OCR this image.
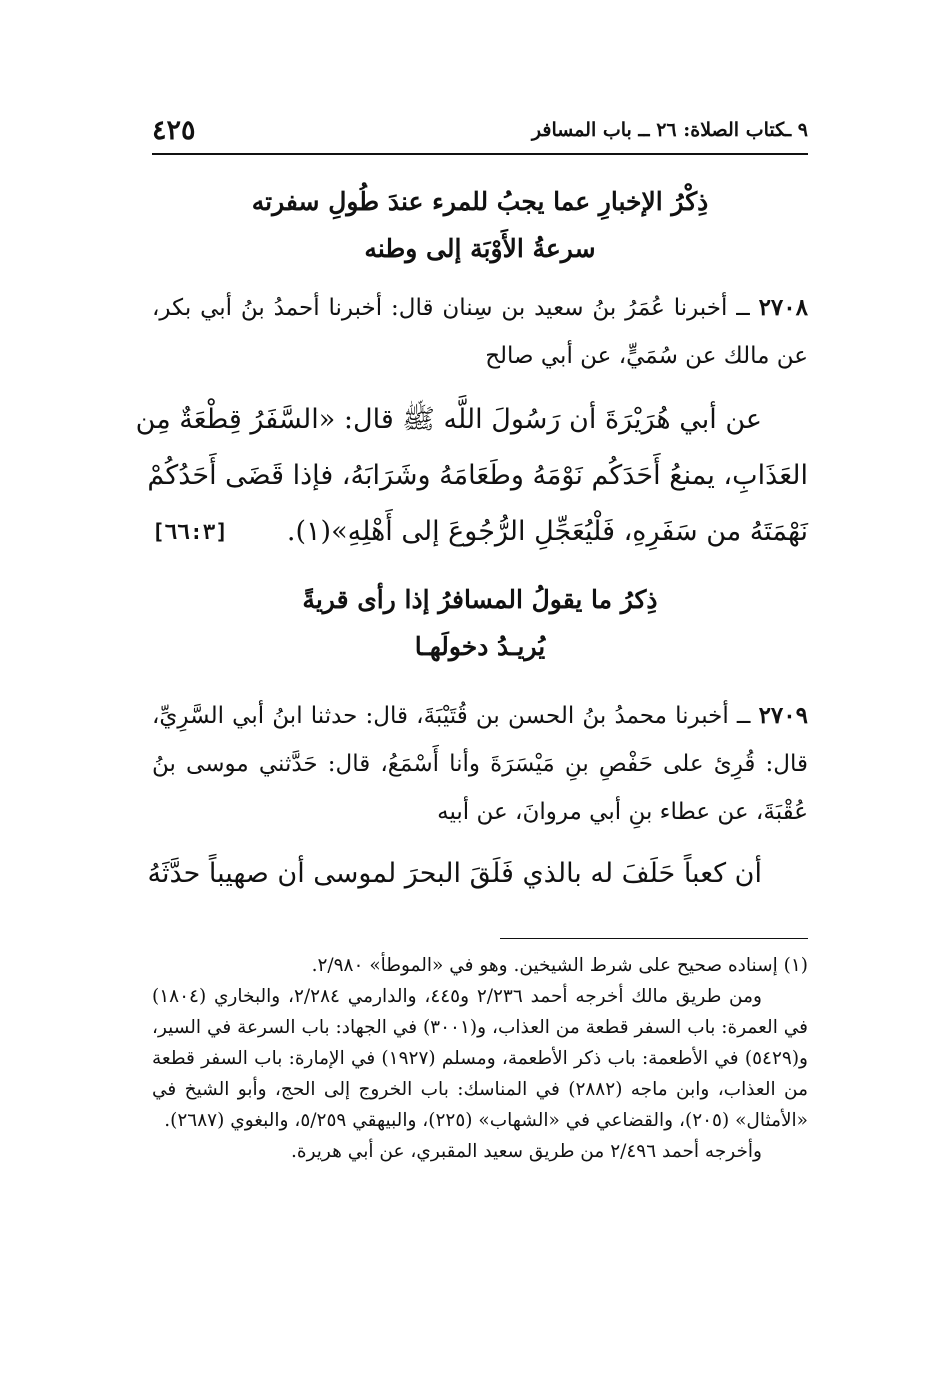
٩ ـكتاب الصلاة: ٢٦ ــ باب المسافر
٤٢٥
ذِكْرُ الإخبارِ عما يجبُ للمرء عندَ طُولِ سفرته
سرعةُ الأَوْبَة إلى وطنه
٢٧٠٨ ــ أخبرنا عُمَرُ بنُ سعيد بن سِنان قال: أخبرنا أحمدُ بنُ أبي بكر، عن مالك عن سُمَيٍّ، عن أبي صالح
عن أبي هُرَيْرَةَ أن رَسُولَ اللَّه ﷺ قال: «السَّفَرُ قِطْعَةٌ مِن
العَذَابِ، يمنعُ أَحَدَكُم نَوْمَهُ وطَعَامَهُ وشَرَابَهُ، فإذا قَضَى أَحَدُكُمْ
نَهْمَتَهُ من سَفَرِهِ، فَلْيُعَجِّلِ الرُّجُوعَ إلى أَهْلِهِ»(١).
[٦٦:٣]
ذِكرُ ما يقولُ المسافرُ إذا رأى قريةً
يُريـدُ دخولَهـا
٢٧٠٩ ــ أخبرنا محمدُ بنُ الحسن بن قُتَيْبَةَ، قال: حدثنا ابنُ أبي السَّرِيِّ، قال: قُرِئ على حَفْصِ بنِ مَيْسَرَةَ وأنا أَسْمَعُ، قال: حَدَّثني موسى بنُ عُقْبَةَ، عن عطاء بنِ أبي مروانَ، عن أبيه
أن كعباً حَلَفَ له بالذي فَلَقَ البحرَ لموسى أن صهيباً حدَّثَهُ

(١) إسناده صحيح على شرط الشيخين. وهو في «الموطأ» ٢/٩٨٠.

ومن طريق مالك أخرجه أحمد ٢/٢٣٦ و٤٤٥، والدارمي ٢/٢٨٤، والبخاري (١٨٠٤) في العمرة: باب السفر قطعة من العذاب، و(٣٠٠١) في الجهاد: باب السرعة في السير، و(٥٤٢٩) في الأطعمة: باب ذكر الأطعمة، ومسلم (١٩٢٧) في الإمارة: باب السفر قطعة من العذاب، وابن ماجه (٢٨٨٢) في المناسك: باب الخروج إلى الحج، وأبو الشيخ في «الأمثال» (٢٠٥)، والقضاعي في «الشهاب» (٢٢٥)، والبيهقي ٥/٢٥٩، والبغوي (٢٦٨٧).

وأخرجه أحمد ٢/٤٩٦ من طريق سعيد المقبري، عن أبي هريرة.
